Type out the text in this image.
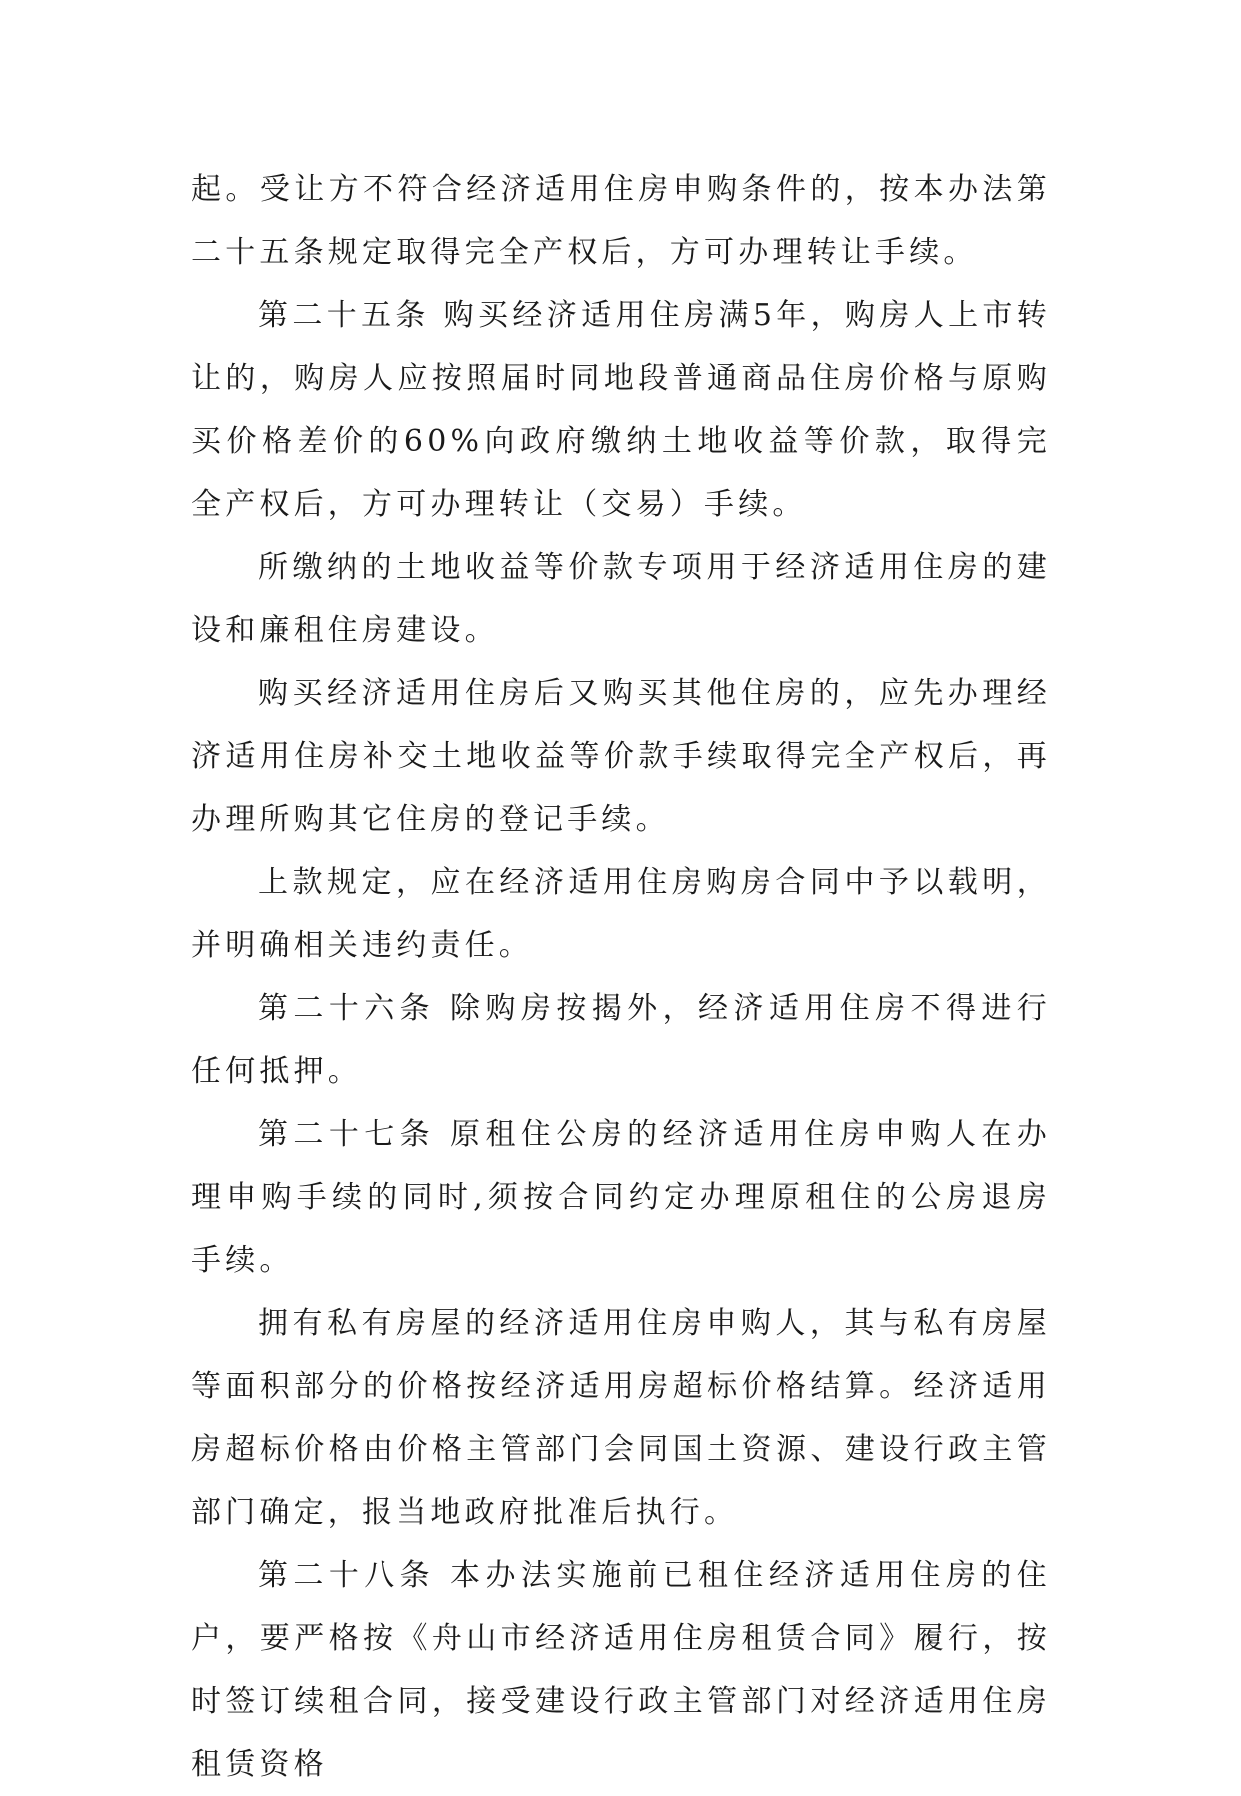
起。受让方不符合经济适用住房申购条件的，按本办法第二十五条规定取得完全产权后，方可办理转让手续。

第二十五条 购买经济适用住房满5年，购房人上市转让的，购房人应按照届时同地段普通商品住房价格与原购买价格差价的60%向政府缴纳土地收益等价款，取得完全产权后，方可办理转让（交易）手续。

所缴纳的土地收益等价款专项用于经济适用住房的建设和廉租住房建设。

购买经济适用住房后又购买其他住房的，应先办理经济适用住房补交土地收益等价款手续取得完全产权后，再办理所购其它住房的登记手续。

上款规定，应在经济适用住房购房合同中予以载明，并明确相关违约责任。

第二十六条 除购房按揭外，经济适用住房不得进行任何抵押。

第二十七条 原租住公房的经济适用住房申购人在办理申购手续的同时,须按合同约定办理原租住的公房退房手续。

拥有私有房屋的经济适用住房申购人，其与私有房屋等面积部分的价格按经济适用房超标价格结算。经济适用房超标价格由价格主管部门会同国土资源、建设行政主管部门确定，报当地政府批准后执行。

第二十八条 本办法实施前已租住经济适用住房的住户，要严格按《舟山市经济适用住房租赁合同》履行，按时签订续租合同，接受建设行政主管部门对经济适用住房租赁资格
